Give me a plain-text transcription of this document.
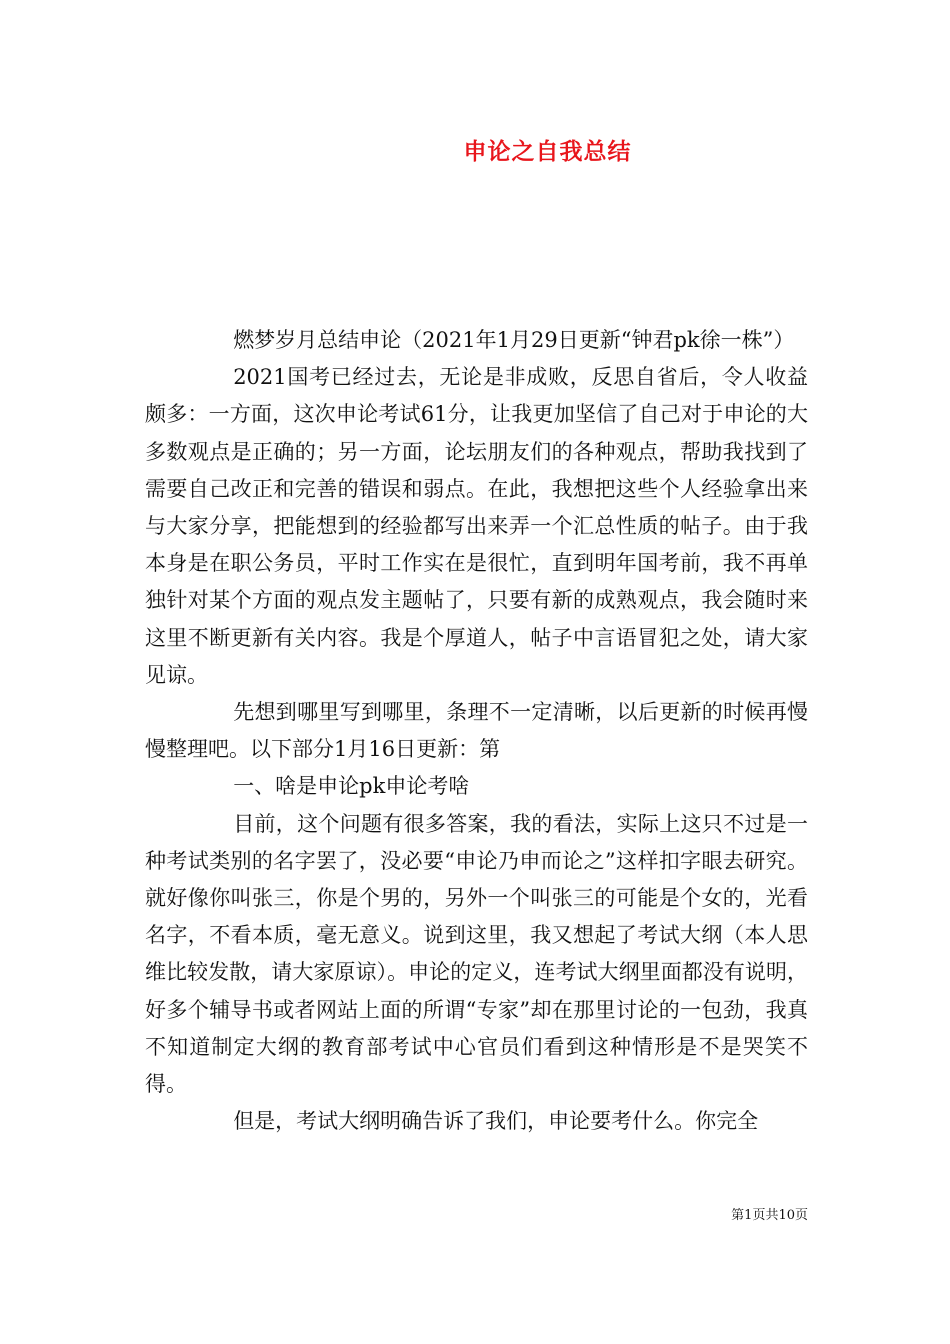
申论之自我总结

燃梦岁月总结申论（2021年1月29日更新“钟君pk徐一株”）

2021国考已经过去，无论是非成败，反思自省后，令人收益颇多：一方面，这次申论考试61分，让我更加坚信了自己对于申论的大多数观点是正确的；另一方面，论坛朋友们的各种观点，帮助我找到了需要自己改正和完善的错误和弱点。在此，我想把这些个人经验拿出来与大家分享，把能想到的经验都写出来弄一个汇总性质的帖子。由于我本身是在职公务员，平时工作实在是很忙，直到明年国考前，我不再单独针对某个方面的观点发主题帖了，只要有新的成熟观点，我会随时来这里不断更新有关内容。我是个厚道人，帖子中言语冒犯之处，请大家见谅。

先想到哪里写到哪里，条理不一定清晰，以后更新的时候再慢慢整理吧。以下部分1月16日更新：第

一、啥是申论pk申论考啥

目前，这个问题有很多答案，我的看法，实际上这只不过是一种考试类别的名字罢了，没必要“申论乃申而论之”这样扣字眼去研究。就好像你叫张三，你是个男的，另外一个叫张三的可能是个女的，光看名字，不看本质，毫无意义。说到这里，我又想起了考试大纲（本人思维比较发散，请大家原谅）。申论的定义，连考试大纲里面都没有说明，好多个辅导书或者网站上面的所谓“专家”却在那里讨论的一包劲，我真不知道制定大纲的教育部考试中心官员们看到这种情形是不是哭笑不得。

但是，考试大纲明确告诉了我们，申论要考什么。你完全

第1页共10页
